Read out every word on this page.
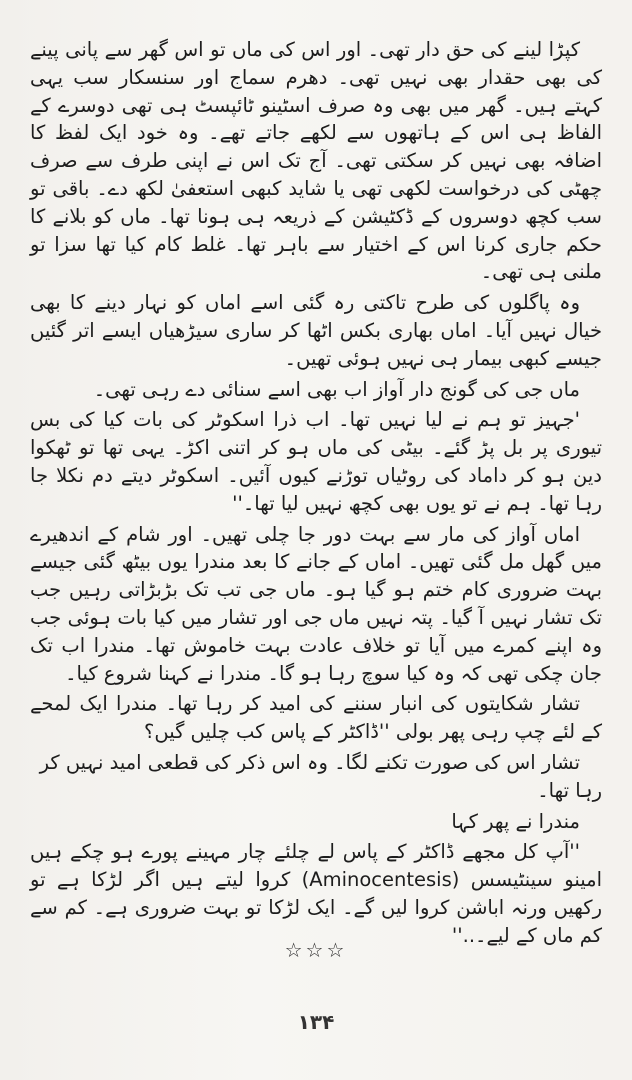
کپڑا لینے کی حق دار تھی۔ اور اس کی ماں تو اس گھر سے پانی پینے کی بھی حقدار بھی نہیں تھی۔ دھرم سماج اور سنسکار سب یہی کہتے ہیں۔ گھر میں بھی وہ صرف اسٹینو ٹائپسٹ ہی تھی دوسرے کے الفاظ ہی اس کے ہاتھوں سے لکھے جاتے تھے۔ وہ خود ایک لفظ کا اضافہ بھی نہیں کر سکتی تھی۔ آج تک اس نے اپنی طرف سے صرف چھٹی کی درخواست لکھی تھی یا شاید کبھی استعفیٰ لکھ دے۔ باقی تو سب کچھ دوسروں کے ڈکٹیشن کے ذریعہ ہی ہونا تھا۔ ماں کو بلانے کا حکم جاری کرنا اس کے اختیار سے باہر تھا۔ غلط کام کیا تھا سزا تو ملنی ہی تھی۔

وہ پاگلوں کی طرح تاکتی رہ گئی اسے اماں کو نہار دینے کا بھی خیال نہیں آیا۔ اماں بھاری بکس اٹھا کر ساری سیڑھیاں ایسے اتر گئیں جیسے کبھی بیمار ہی نہیں ہوئی تھیں۔

ماں جی کی گونج دار آواز اب بھی اسے سنائی دے رہی تھی۔

'جہیز تو ہم نے لیا نہیں تھا۔ اب ذرا اسکوٹر کی بات کیا کی بس تیوری پر بل پڑ گئے۔ بیٹی کی ماں ہو کر اتنی اکڑ۔ یہی تھا تو ٹھکوا دین ہو کر داماد کی روٹیاں توڑنے کیوں آئیں۔ اسکوٹر دیتے دم نکلا جا رہا تھا۔ ہم نے تو یوں بھی کچھ نہیں لیا تھا۔''

اماں آواز کی مار سے بہت دور جا چلی تھیں۔ اور شام کے اندھیرے میں گھل مل گئی تھیں۔ اماں کے جانے کا بعد مندرا یوں بیٹھ گئی جیسے بہت ضروری کام ختم ہو گیا ہو۔ ماں جی تب تک بڑبڑاتی رہیں جب تک تشار نہیں آ گیا۔ پتہ نہیں ماں جی اور تشار میں کیا بات ہوئی جب وہ اپنے کمرے میں آیا تو خلاف عادت بہت خاموش تھا۔ مندرا اب تک جان چکی تھی کہ وہ کیا سوچ رہا ہو گا۔ مندرا نے کہنا شروع کیا۔

تشار شکایتوں کی انبار سننے کی امید کر رہا تھا۔ مندرا ایک لمحے کے لئے چپ رہی پھر بولی ''ڈاکٹر کے پاس کب چلیں گیں؟

تشار اس کی صورت تکنے لگا۔ وہ اس ذکر کی قطعی امید نہیں کر رہا تھا۔

مندرا نے پھر کہا

''آپ کل مجھے ڈاکٹر کے پاس لے چلئے چار مہینے پورے ہو چکے ہیں امینو سینٹیسس (Aminocentesis) کروا لیتے ہیں اگر لڑکا ہے تو رکھیں ورنہ اباشن کروا لیں گے۔ ایک لڑکا تو بہت ضروری ہے۔ کم سے کم ماں کے لیے۔..''

☆☆☆
۱۳۴
